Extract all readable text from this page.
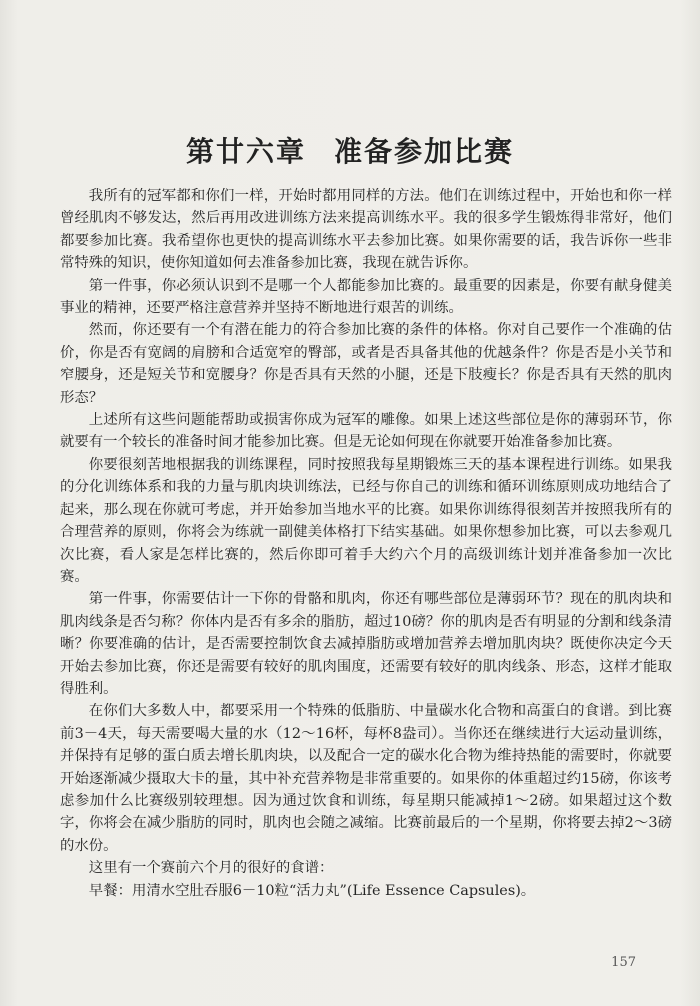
第廿六章 准备参加比赛

我所有的冠军都和你们一样，开始时都用同样的方法。他们在训练过程中，开始也和你一样曾经肌肉不够发达，然后再用改进训练方法来提高训练水平。我的很多学生锻炼得非常好，他们都要参加比赛。我希望你也更快的提高训练水平去参加比赛。如果你需要的话，我告诉你一些非常特殊的知识，使你知道如何去准备参加比赛，我现在就告诉你。

第一件事，你必须认识到不是哪一个人都能参加比赛的。最重要的因素是，你要有献身健美事业的精神，还要严格注意营养并坚持不断地进行艰苦的训练。

然而，你还要有一个有潜在能力的符合参加比赛的条件的体格。你对自己要作一个准确的估价，你是否有宽阔的肩膀和合适宽窄的臀部，或者是否具备其他的优越条件？你是否是小关节和窄腰身，还是短关节和宽腰身？你是否具有天然的小腿，还是下肢瘦长？你是否具有天然的肌肉形态？

上述所有这些问题能帮助或损害你成为冠军的雕像。如果上述这些部位是你的薄弱环节，你就要有一个较长的准备时间才能参加比赛。但是无论如何现在你就要开始准备参加比赛。

你要很刻苦地根据我的训练课程，同时按照我每星期锻炼三天的基本课程进行训练。如果我的分化训练体系和我的力量与肌肉块训练法，已经与你自己的训练和循环训练原则成功地结合了起来，那么现在你就可考虑，并开始参加当地水平的比赛。如果你训练得很刻苦并按照我所有的合理营养的原则，你将会为练就一副健美体格打下结实基础。如果你想参加比赛，可以去参观几次比赛，看人家是怎样比赛的，然后你即可着手大约六个月的高级训练计划并准备参加一次比赛。

第一件事，你需要估计一下你的骨骼和肌肉，你还有哪些部位是薄弱环节？现在的肌肉块和肌肉线条是否匀称？你体内是否有多余的脂肪，超过10磅？你的肌肉是否有明显的分割和线条清晰？你要准确的估计，是否需要控制饮食去减掉脂肪或增加营养去增加肌肉块？既使你决定今天开始去参加比赛，你还是需要有较好的肌肉围度，还需要有较好的肌肉线条、形态，这样才能取得胜利。

在你们大多数人中，都要采用一个特殊的低脂肪、中量碳水化合物和高蛋白的食谱。到比赛前3－4天，每天需要喝大量的水（12～16杯，每杯8盎司）。当你还在继续进行大运动量训练，并保持有足够的蛋白质去增长肌肉块，以及配合一定的碳水化合物为维持热能的需要时，你就要开始逐渐减少摄取大卡的量，其中补充营养物是非常重要的。如果你的体重超过约15磅，你该考虑参加什么比赛级别较理想。因为通过饮食和训练，每星期只能减掉1～2磅。如果超过这个数字，你将会在减少脂肪的同时，肌肉也会随之减缩。比赛前最后的一个星期，你将要去掉2～3磅的水份。

这里有一个赛前六个月的很好的食谱：

早餐：用清水空肚吞服6－10粒“活力丸”(Life Essence Capsules)。

157
